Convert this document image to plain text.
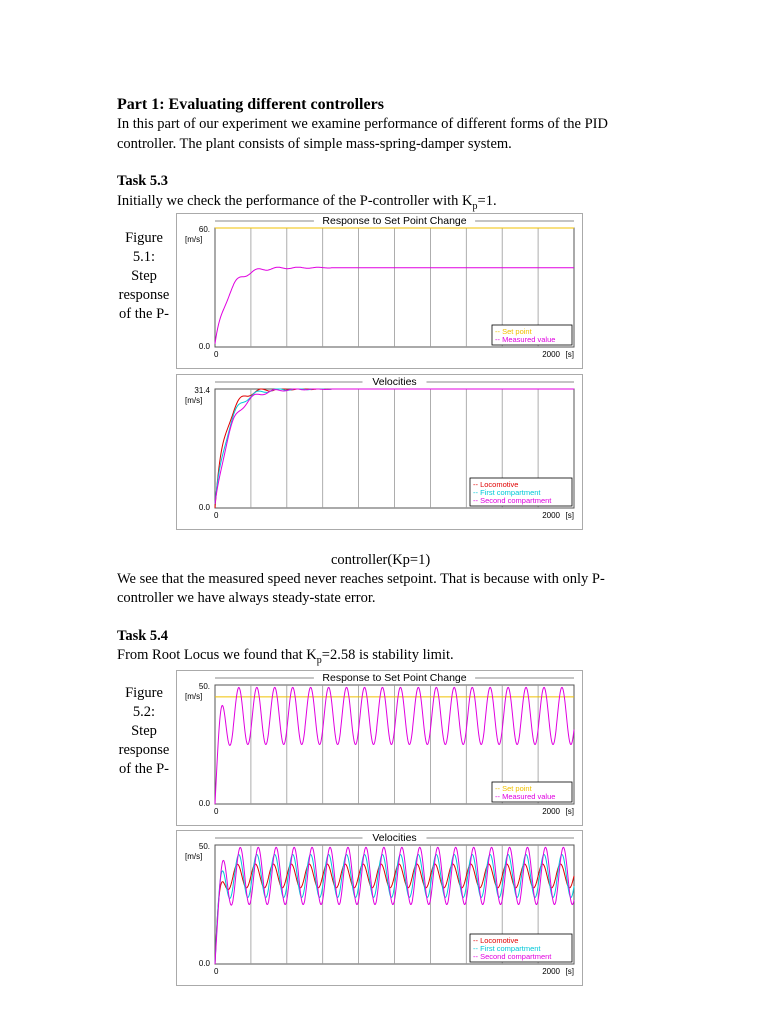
Part 1: Evaluating different controllers
In this part of our experiment we examine performance of different forms of the PID
controller. The plant consists of simple mass-spring-damper system.
Task 5.3
Initially we check the performance of the P-controller with $K_p=1$.
Figure
5.1:
Step
response
of the P-
Response to Set Point Change
60.
[m/s]
0.0
0	2000 [s]
-- Set point
-- Measured value
Velocities
31.4
[m/s]
0.0
0	2000 [s]
-- Locomotive
-- First compartment
-- Second compartment
controller(Kp=1)
We see that the measured speed never reaches setpoint. That is because with only P-
controller we have always steady-state error.
Task 5.4
From Root Locus we found that $K_p=2.58$ is stability limit.
Figure
5.2:
Step
response
of the P-
Response to Set Point Change
50.
[m/s]
0.0
0	2000 [s]
-- Set point
-- Measured value
Velocities
50.
[m/s]
0.0
0	2000 [s]
-- Locomotive
-- First compartment
-- Second compartment
